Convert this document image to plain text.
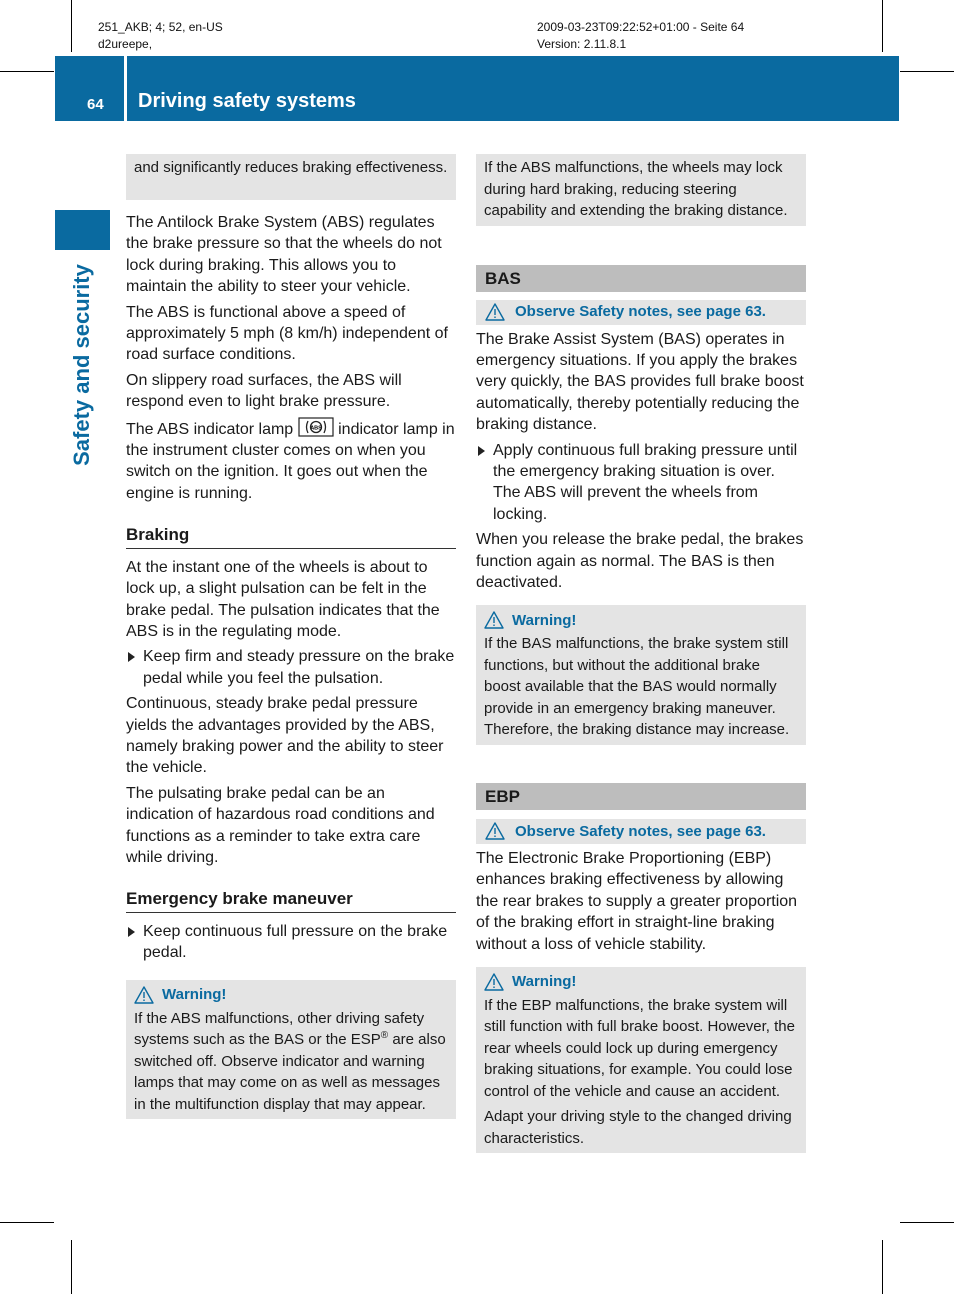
251_AKB; 4; 52, en-US
d2ureepe,
2009-03-23T09:22:52+01:00 - Seite 64
Version: 2.11.8.1
64 Driving safety systems
Safety and security

and significantly reduces braking effectiveness.

The Antilock Brake System (ABS) regulates the brake pressure so that the wheels do not lock during braking. This allows you to maintain the ability to steer your vehicle.

The ABS is functional above a speed of approximately 5 mph (8 km/h) independent of road surface conditions.

On slippery road surfaces, the ABS will respond even to light brake pressure.

The ABS indicator lamp	ABS indicator lamp in the instrument cluster comes on when you switch on the ignition. It goes out when the engine is running.

Braking

At the instant one of the wheels is about to lock up, a slight pulsation can be felt in the brake pedal. The pulsation indicates that the ABS is in the regulating mode.

Keep firm and steady pressure on the brake pedal while you feel the pulsation.

Continuous, steady brake pedal pressure yields the advantages provided by the ABS, namely braking power and the ability to steer the vehicle.

The pulsating brake pedal can be an indication of hazardous road conditions and functions as a reminder to take extra care while driving.

Emergency brake maneuver
Keep continuous full pressure on the brake pedal.
Warning!

If the ABS malfunctions, other driving safety systems such as the BAS or the ESP® are also switched off. Observe indicator and warning lamps that may come on as well as messages in the multifunction display that may appear.

If the ABS malfunctions, the wheels may lock during hard braking, reducing steering capability and extending the braking distance.

BAS
Observe Safety notes, see page 63.

The Brake Assist System (BAS) operates in emergency situations. If you apply the brakes very quickly, the BAS provides full brake boost automatically, thereby potentially reducing the braking distance.

Apply continuous full braking pressure until the emergency braking situation is over. The ABS will prevent the wheels from locking.

When you release the brake pedal, the brakes function again as normal. The BAS is then deactivated.

Warning!

If the BAS malfunctions, the brake system still functions, but without the additional brake boost available that the BAS would normally provide in an emergency braking maneuver. Therefore, the braking distance may increase.

EBP
Observe Safety notes, see page 63.

The Electronic Brake Proportioning (EBP) enhances braking effectiveness by allowing the rear brakes to supply a greater proportion of the braking effort in straight-line braking without a loss of vehicle stability.

Warning!

If the EBP malfunctions, the brake system will still function with full brake boost. However, the rear wheels could lock up during emergency braking situations, for example. You could lose control of the vehicle and cause an accident.

Adapt your driving style to the changed driving characteristics.
